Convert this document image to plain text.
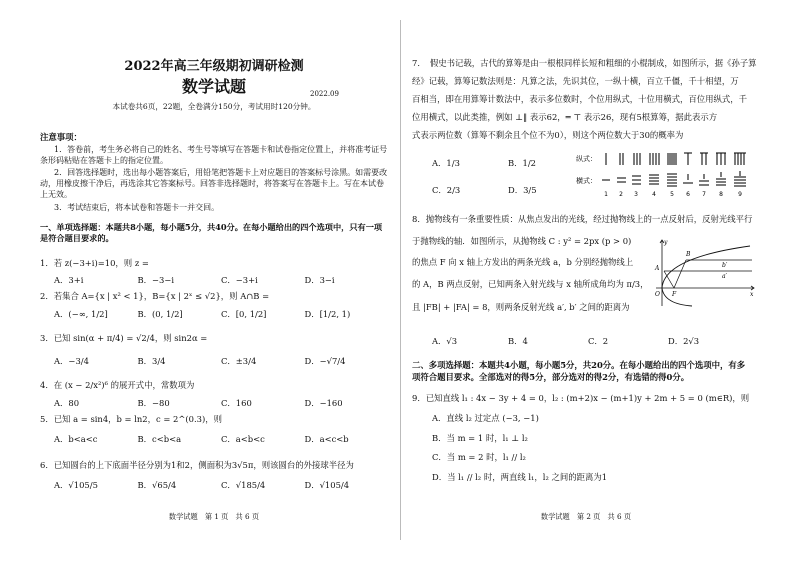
2022年高三年级期初调研检测
数学试题	2022.09
本试卷共6页，22题，全卷满分150分，考试用时120分钟。
注意事项：
1．答卷前，考生务必将自己的姓名、考生号等填写在答题卡和试卷指定位置上，并将准考证号条形码粘贴在答题卡上的指定位置。
2．回答选择题时，选出每小题答案后，用铅笔把答题卡上对应题目的答案标号涂黑。如需要改动，用橡皮擦干净后，再选涂其它答案标号。回答非选择题时，将答案写在答题卡上。写在本试卷上无效。
3．考试结束后，将本试卷和答题卡一并交回。
一、单项选择题：本题共8小题，每小题5分，共40分。在每小题给出的四个选项中，只有一项是符合题目要求的。
1．若 z(−3+i)=10，则 z =
A．3+i	B．−3−i	C．−3+i	D．3−i
2．若集合 A={x | x² < 1}，B={x | 2ˣ ≤ √2}，则 A∩B =
A．(−∞, 1/2]	B．(0, 1/2]	C．[0, 1/2]	D．[1/2, 1)
3．已知 sin(α + π/4) = √2/4，则 sin2α =
A．−3/4	B．3/4	C．±3/4	D．−√7/4
4．在 (x − 2/x²)⁶ 的展开式中，常数项为
A．80	B．−80	C．160	D．−160
5．已知 a = sin4，b = ln2，c = 2^(0.3)，则
A．b<a<c	B．c<b<a	C．a<b<c	D．a<c<b
6．已知圆台的上下底面半径分别为1和2，侧面积为3√5π，则该圆台的外接球半径为
A．√105/5	B．√65/4	C．√185/4	D．√105/4
数学试题　第 1 页　共 6 页
7．　假史书记载，古代的算筹是由一根根同样长短和粗细的小棍制成，如图所示，据《孙子算
经》记载，算筹记数法则是：凡算之法，先识其位，一纵十横，百立千僵，千十相望，万
百相当，即在用算筹计数法中，表示多位数时，个位用纵式，十位用横式，百位用纵式，千
位用横式，以此类推，例如 ⊥‖ 表示62，═ ⊤ 表示26，现有5根算筹，据此表示方
式表示两位数（算筹不剩余且个位不为0），则这个两位数大于30的概率为
A．1/3	B．1/2
C．2/3	D．3/5
纵式：
横式：
1 2 3 4 5 6 7 8	9
8．抛物线有一条重要性质：从焦点发出的光线，经过抛物线上的一点反射后，反射光线平行
于抛物线的轴．如图所示，从抛物线 C : y² = 2px (p > 0)
的焦点 F 向 x 轴上方发出的两条光线 a，b 分别经抛物线上
的 A，B 两点反射，已知两条入射光线与 x 轴所成角均为 π/3，
且 |FB| + |FA| = 8，则两条反射光线 a′, b′ 之间的距离为
y
x
O F
A
B
a′
b′
A．√3	B．4	C．2	D．2√3
二、多项选择题：本题共4小题，每小题5分，共20分。在每小题给出的四个选项中，有多
项符合题目要求。全部选对的得5分，部分选对的得2分，有选错的得0分。
9．已知直线 l₁ : 4x − 3y + 4 = 0，l₂ : (m+2)x − (m+1)y + 2m + 5 = 0 (m∈R)，则
A．直线 l₂ 过定点 (−3, −1)
B．当 m = 1 时，l₁ ⊥ l₂
C．当 m = 2 时，l₁ // l₂
D．当 l₁ // l₂ 时，两直线 l₁，l₂ 之间的距离为1
数学试题　第 2 页　共 6 页
